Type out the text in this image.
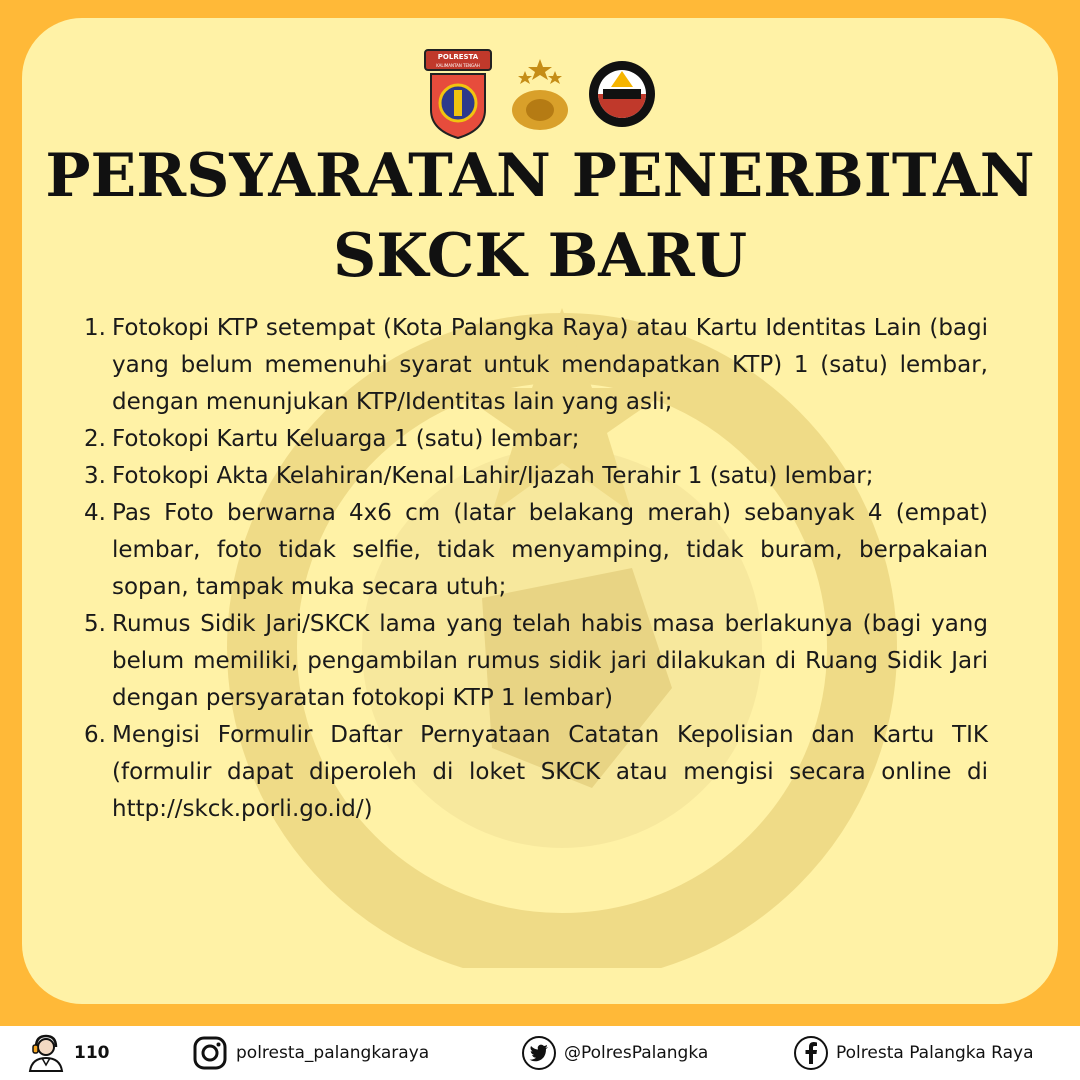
POLRESTA
KALIMANTAN TENGAH
PERSYARATAN PENERBITAN
SKCK BARU
1. Fotokopi KTP setempat (Kota Palangka Raya) atau Kartu Identitas Lain (bagi yang belum memenuhi syarat untuk mendapatkan KTP) 1 (satu) lembar, dengan menunjukan KTP/Identitas lain yang asli;
2. Fotokopi Kartu Keluarga 1 (satu) lembar;
3. Fotokopi Akta Kelahiran/Kenal Lahir/Ijazah Terahir 1 (satu) lembar;
4. Pas Foto berwarna 4x6 cm (latar belakang merah) sebanyak 4 (empat) lembar, foto tidak selfie, tidak menyamping, tidak buram, berpakaian sopan, tampak muka secara utuh;
5. Rumus Sidik Jari/SKCK lama yang telah habis masa berlakunya (bagi yang belum memiliki, pengambilan rumus sidik jari dilakukan di Ruang Sidik Jari dengan persyaratan fotokopi KTP 1 lembar)
6. Mengisi Formulir Daftar Pernyataan Catatan Kepolisian dan Kartu TIK (formulir dapat diperoleh di loket SKCK atau mengisi secara online di http://skck.porli.go.id/)
110	polresta_palangkaraya	@PolresPalangka	Polresta Palangka Raya
